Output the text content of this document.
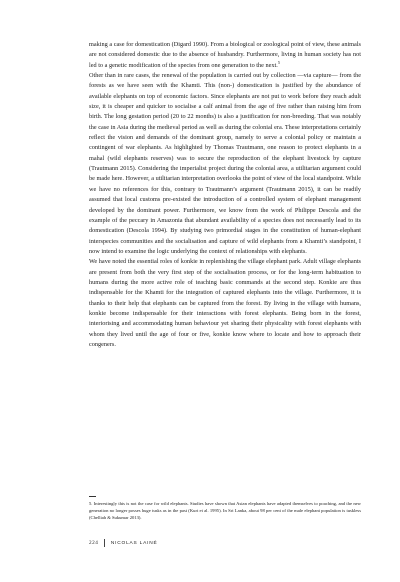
making a case for domestication (Digard 1990). From a biological or zoological point of view, these animals are not considered domestic due to the absence of husbandry. Furthermore, living in human society has not led to a genetic modification of the species from one generation to the next.$^5$

Other than in rare cases, the renewal of the population is carried out by collection —via capture— from the forests as we have seen with the Khamti. This (non-) domestication is justified by the abundance of available elephants on top of economic factors. Since elephants are not put to work before they reach adult size, it is cheaper and quicker to socialise a calf animal from the age of five rather than raising him from birth. The long gestation period (20 to 22 months) is also a justification for non-breeding. That was notably the case in Asia during the medieval period as well as during the colonial era. These interpretations certainly reflect the vision and demands of the dominant group, namely to serve a colonial policy or maintain a contingent of war elephants. As highlighted by Thomas Trautmann, one reason to protect elephants in a mahal (wild elephants reserves) was to secure the reproduction of the elephant livestock by capture (Trautmann 2015). Considering the imperialist project during the colonial area, a utilitarian argument could be made here. However, a utilitarian interpretation overlooks the point of view of the local standpoint. While we have no references for this, contrary to Trautmann’s argument (Trautmann 2015), it can be readily assumed that local customs pre-existed the introduction of a controlled system of elephant management developed by the dominant power. Furthermore, we know from the work of Philippe Descola and the example of the peccary in Amazonia that abundant availability of a species does not necessarily lead to its domestication (Descola 1994). By studying two primordial stages in the constitution of human-elephant interspecies communities and the socialisation and capture of wild elephants from a Khamti’s standpoint, I now intend to examine the logic underlying the context of relationships with elephants.

We have noted the essential roles of konkie in replenishing the village elephant park. Adult village elephants are present from both the very first step of the socialisation process, or for the long-term habituation to humans during the more active role of teaching basic commands at the second step. Konkie are thus indispensable for the Khamti for the integration of captured elephants into the village. Furthermore, it is thanks to their help that elephants can be captured from the forest. By living in the village with humans, konkie become indispensable for their interactions with forest elephants. Being born in the forest, interiorising and accommodating human behaviour yet sharing their physicality with forest elephants with whom they lived until the age of four or five, konkie know where to locate and how to approach their congeners.

5. Interestingly this is not the case for wild elephants. Studies have shown that Asian elephants have adapted themselves to poaching, and the new generation no longer posses huge tusks as in the past (Kurt et al. 1995). In Sri Lanka, about 98 per cent of the male elephant population is tuskless (Chelliah & Sukumar 2013).
224	NICOLAS LAINÉ
